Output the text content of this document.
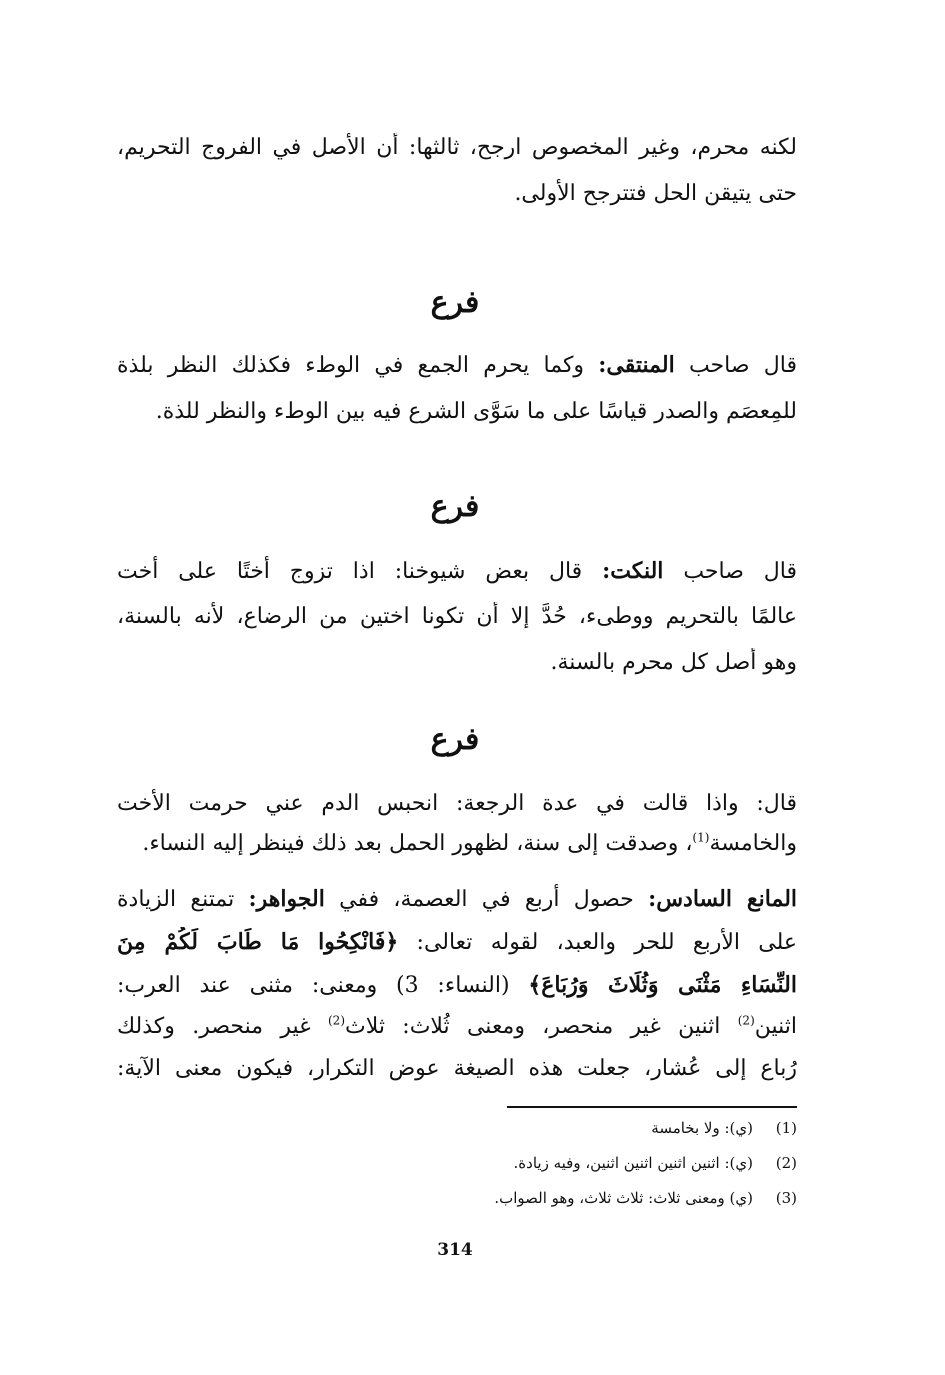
لكنه محرم، وغير المخصوص ارجح، ثالثها: أن الأصل في الفروج التحريم،
حتى يتيقن الحل فتترجح الأولى.
فرع
قال صاحب المنتقى: وكما يحرم الجمع في الوطء فكذلك النظر بلذة
للمِعصَم والصدر قياسًا على ما سَوَّى الشرع فيه بين الوطء والنظر للذة.
فرع
قال صاحب النكت: قال بعض شيوخنا: اذا تزوج أختًا على أخت
عالمًا بالتحريم ووطىء، حُدَّ إلا أن تكونا اختين من الرضاع، لأنه بالسنة،
وهو أصل كل محرم بالسنة.
فرع
قال: واذا قالت في عدة الرجعة: انحبس الدم عني حرمت الأخت
والخامسة$^{(1)}$، وصدقت إلى سنة، لظهور الحمل بعد ذلك فينظر إليه النساء.
المانع السادس: حصول أربع في العصمة، ففي الجواهر: تمتنع الزيادة
على الأربع للحر والعبد، لقوله تعالى: ﴿فَانْكِحُوا مَا طَابَ لَكُمْ مِنَ
النِّسَاءِ مَثْنَى وَثُلَاثَ وَرُبَاعَ﴾ (النساء: 3) ومعنى: مثنى عند العرب:
اثنين$^{(2)}$ اثنين غير منحصر، ومعنى ثُلاث: ثلاث$^{(2)}$ غير منحصر. وكذلك
رُباع إلى عُشار، جعلت هذه الصيغة عوض التكرار، فيكون معنى الآية:
(1)(ي): ولا بخامسة
(2)(ي): اثنين اثنين اثنين اثنين، وفيه زيادة.
(3)(ي) ومعنى ثلاث: ثلاث ثلاث، وهو الصواب.
314
